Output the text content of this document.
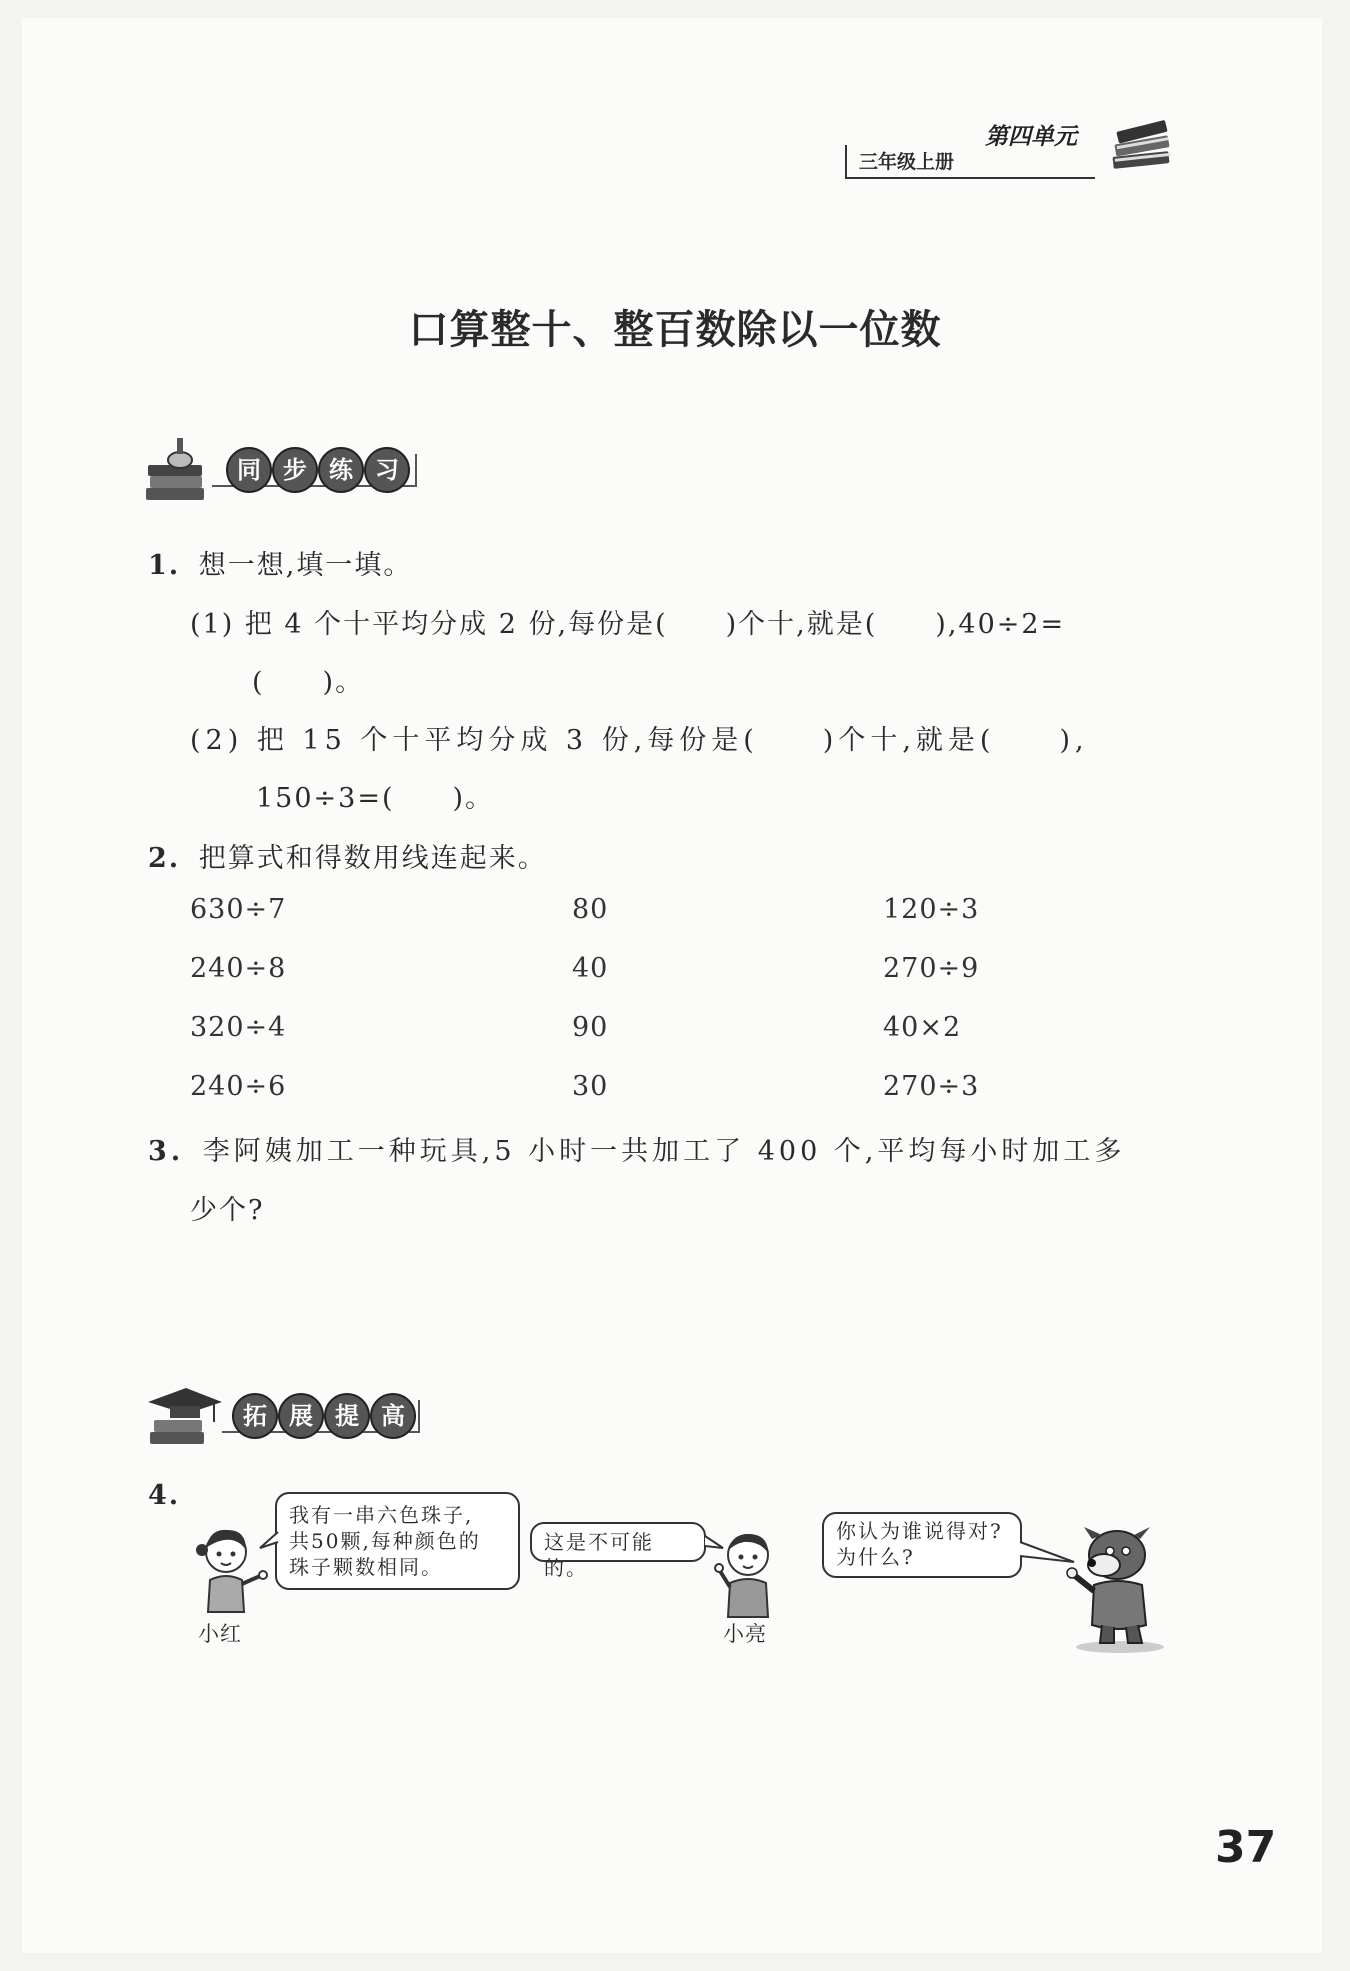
三年级上册
第四单元
口算整十、整百数除以一位数
同 步 练 习
1. 想一想,填一填。
(1) 把 4 个十平均分成 2 份,每份是(　　)个十,就是(　　),40÷2=
(　　)。
(2) 把 15 个十平均分成 3 份,每份是(　　)个十,就是(　　),
150÷3=(　　)。
2. 把算式和得数用线连起来。
630÷7
240÷8
320÷4
240÷6
80
40
90
30
120÷3
270÷9
40×2
270÷3
3. 李阿姨加工一种玩具,5 小时一共加工了 400 个,平均每小时加工多
少个?
拓 展 提 高
4.
小红
我有一串六色珠子,
共50颗,每种颜色的
珠子颗数相同。
这是不可能的。
小亮
你认为谁说得对?
为什么?
37
